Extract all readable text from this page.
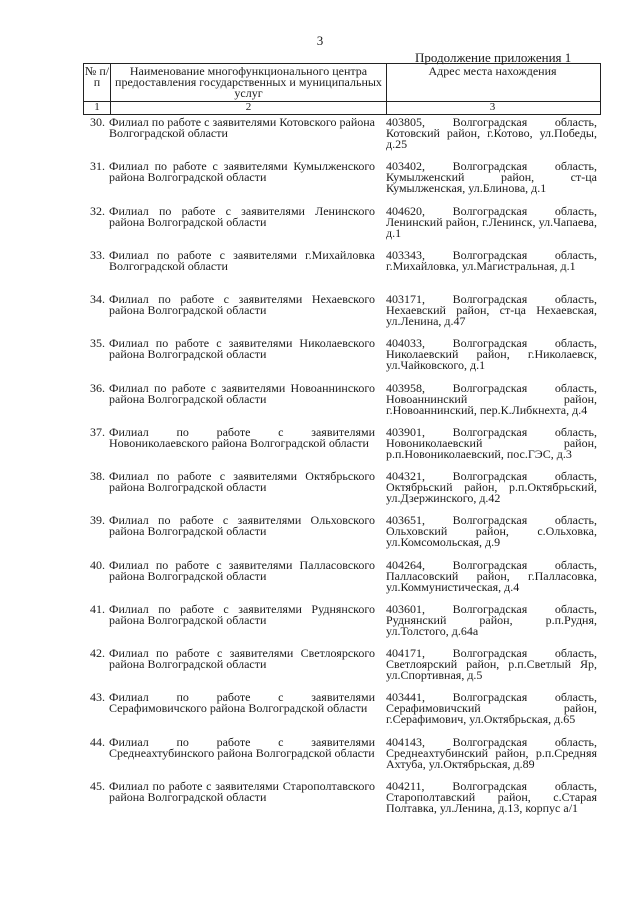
3
Продолжение приложения 1
№ п/п
Наименование многофункционального центра предоставления государственных и муниципальных услуг
Адрес места нахождения
1	2	3
30. Филиал по работе с заявителями Котовского района Волгоградской области
403805, Волгоградская область, Котовский район, г.Котово, ул.Победы, д.25
31. Филиал по работе с заявителями Кумылженского района Волгоградской области
403402, Волгоградская область, Кумылженский район, ст-ца Кумылженская, ул.Блинова, д.1
32. Филиал по работе с заявителями Ленинского района Волгоградской области
404620, Волгоградская область, Ленинский район, г.Ленинск, ул.Чапаева, д.1
33. Филиал по работе с заявителями г.Михайловка Волгоградской области
403343, Волгоградская область, г.Михайловка, ул.Магистральная, д.1
34. Филиал по работе с заявителями Нехаевского района Волгоградской области
403171, Волгоградская область, Нехаевский район, ст-ца Нехаевская, ул.Ленина, д.47
35. Филиал по работе с заявителями Николаевского района Волгоградской области
404033, Волгоградская область, Николаевский район, г.Николаевск, ул.Чайковского, д.1
36. Филиал по работе с заявителями Новоаннинского района Волгоградской области
403958, Волгоградская область, Новоаннинский район, г.Новоаннинский, пер.К.Либкнехта, д.4
37. Филиал по работе с заявителями Новониколаевского района Волгоградской области
403901, Волгоградская область, Новониколаевский район, р.п.Новониколаевский, пос.ГЭС, д.3
38. Филиал по работе с заявителями Октябрьского района Волгоградской области
404321, Волгоградская область, Октябрьский район, р.п.Октябрьский, ул.Дзержинского, д.42
39. Филиал по работе с заявителями Ольховского района Волгоградской области
403651, Волгоградская область, Ольховский район, с.Ольховка, ул.Комсомольская, д.9
40. Филиал по работе с заявителями Палласовского района Волгоградской области
404264, Волгоградская область, Палласовский район, г.Палласовка, ул.Коммунистическая, д.4
41. Филиал по работе с заявителями Руднянского района Волгоградской области
403601, Волгоградская область, Руднянский район, р.п.Рудня, ул.Толстого, д.64а
42. Филиал по работе с заявителями Светлоярского района Волгоградской области
404171, Волгоградская область, Светлоярский район, р.п.Светлый Яр, ул.Спортивная, д.5
43. Филиал по работе с заявителями Серафимовичского района Волгоградской области
403441, Волгоградская область, Серафимовичский район, г.Серафимович, ул.Октябрьская, д.65
44. Филиал по работе с заявителями Среднеахтубинского района Волгоградской области
404143, Волгоградская область, Среднеахтубинский район, р.п.Средняя Ахтуба, ул.Октябрьская, д.89
45. Филиал по работе с заявителями Старополтавского района Волгоградской области
404211, Волгоградская область, Старополтавский район, с.Старая Полтавка, ул.Ленина, д.13, корпус а/1
